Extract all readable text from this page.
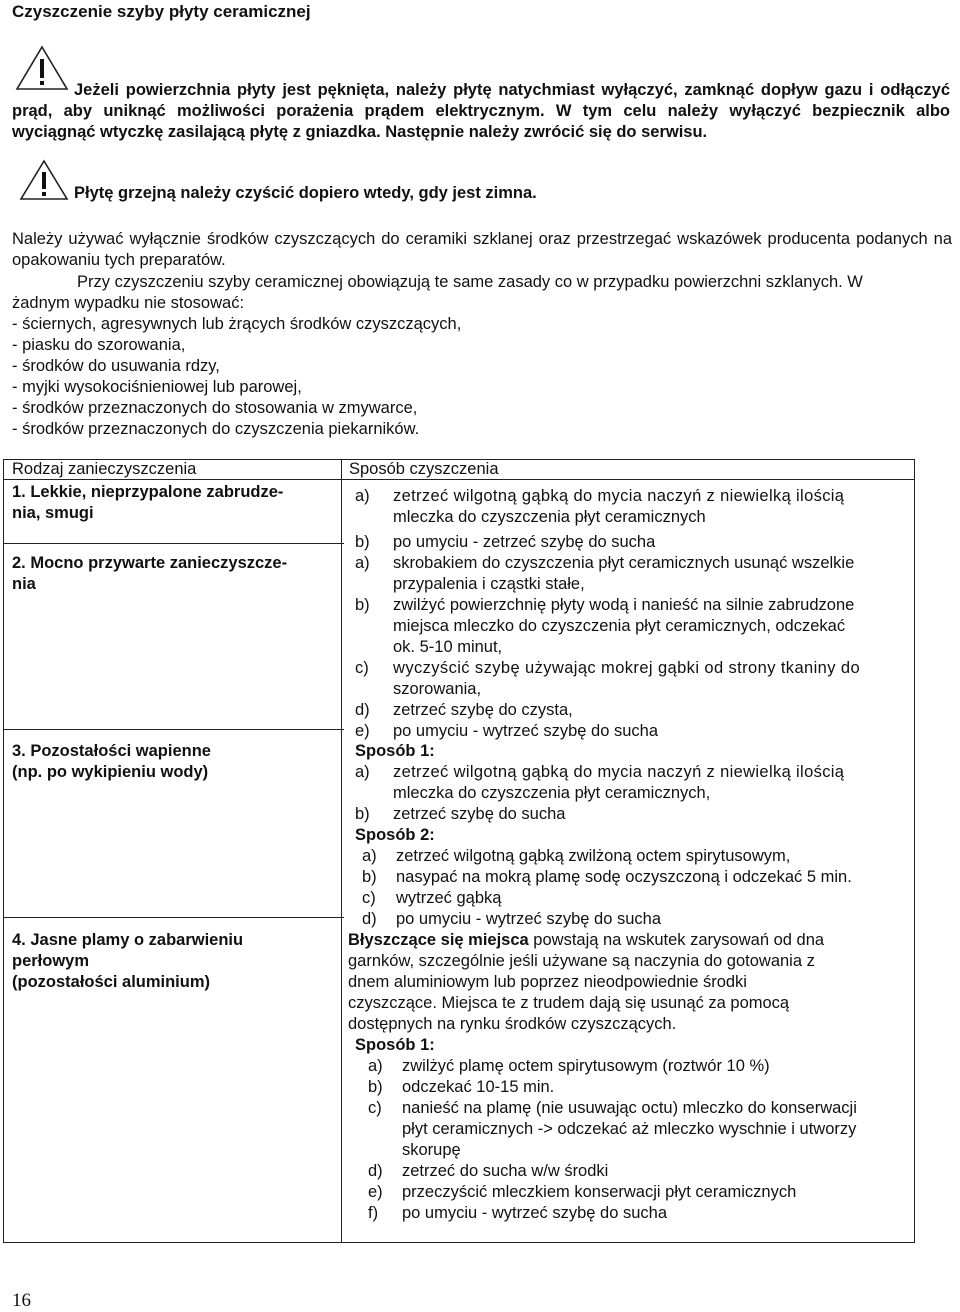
Czyszczenie szyby płyty ceramicznej
Jeżeli powierzchnia płyty jest pęknięta, należy płytę natychmiast wyłączyć, zamknąć dopływ gazu i odłączyć prąd, aby uniknąć możliwości porażenia prądem elektrycznym. W tym celu należy wyłączyć bezpiecznik albo wyciągnąć wtyczkę zasilającą płytę z gniazdka. Następnie należy zwrócić się do serwisu.
Płytę grzejną należy czyścić dopiero wtedy, gdy jest zimna.
Należy używać wyłącznie środków czyszczących do ceramiki szklanej oraz przestrzegać wskazówek producenta podanych na opakowaniu tych preparatów.
Przy czyszczeniu szyby ceramicznej obowiązują te same zasady co w przypadku powierzchni szklanych. W
żadnym wypadku nie stosować:
- ściernych, agresywnych lub żrących środków czyszczących,
- piasku do szorowania,
- środków do usuwania rdzy,
- myjki wysokociśnieniowej lub parowej,
- środków przeznaczonych do stosowania w zmywarce,
- środków przeznaczonych do czyszczenia piekarników.
Rodzaj zanieczyszczenia	Sposób czyszczenia
1. Lekkie, nieprzypalone zabrudze-
nia, smugi
a) zetrzeć wilgotną gąbką do mycia naczyń z niewielką ilością
mleczka do czyszczenia płyt ceramicznych
b) po umyciu - zetrzeć szybę do sucha
2. Mocno przywarte zanieczyszcze-
nia
a) skrobakiem do czyszczenia płyt ceramicznych usunąć wszelkie
przypalenia i cząstki stałe,
b) zwilżyć powierzchnię płyty wodą i nanieść na silnie zabrudzone
miejsca mleczko do czyszczenia płyt ceramicznych, odczekać
ok. 5-10 minut,
c) wyczyścić szybę używając mokrej gąbki od strony tkaniny do
szorowania,
d) zetrzeć szybę do czysta,
e) po umyciu - wytrzeć szybę do sucha
3. Pozostałości wapienne
(np. po wykipieniu wody)
Sposób 1:
a) zetrzeć wilgotną gąbką do mycia naczyń z niewielką ilością
mleczka do czyszczenia płyt ceramicznych,
b) zetrzeć szybę do sucha
Sposób 2:
a) zetrzeć wilgotną gąbką zwilżoną octem spirytusowym,
b) nasypać na mokrą plamę sodę oczyszczoną i odczekać 5 min.
c) wytrzeć gąbką
d) po umyciu - wytrzeć szybę do sucha
4. Jasne plamy o zabarwieniu
perłowym
(pozostałości aluminium)
Błyszczące się miejsca powstają na wskutek zarysowań od dna
garnków, szczególnie jeśli używane są naczynia do gotowania z
dnem aluminiowym lub poprzez nieodpowiednie środki
czyszczące. Miejsca te z trudem dają się usunąć za pomocą
dostępnych na rynku środków czyszczących.
Sposób 1:
a) zwilżyć plamę octem spirytusowym (roztwór 10 %)
b) odczekać 10-15 min.
c) nanieść na plamę (nie usuwając octu) mleczko do konserwacji
płyt ceramicznych -> odczekać aż mleczko wyschnie i utworzy
skorupę
d) zetrzeć do sucha w/w środki
e) przeczyścić mleczkiem konserwacji płyt ceramicznych
f) po umyciu - wytrzeć szybę do sucha
16
